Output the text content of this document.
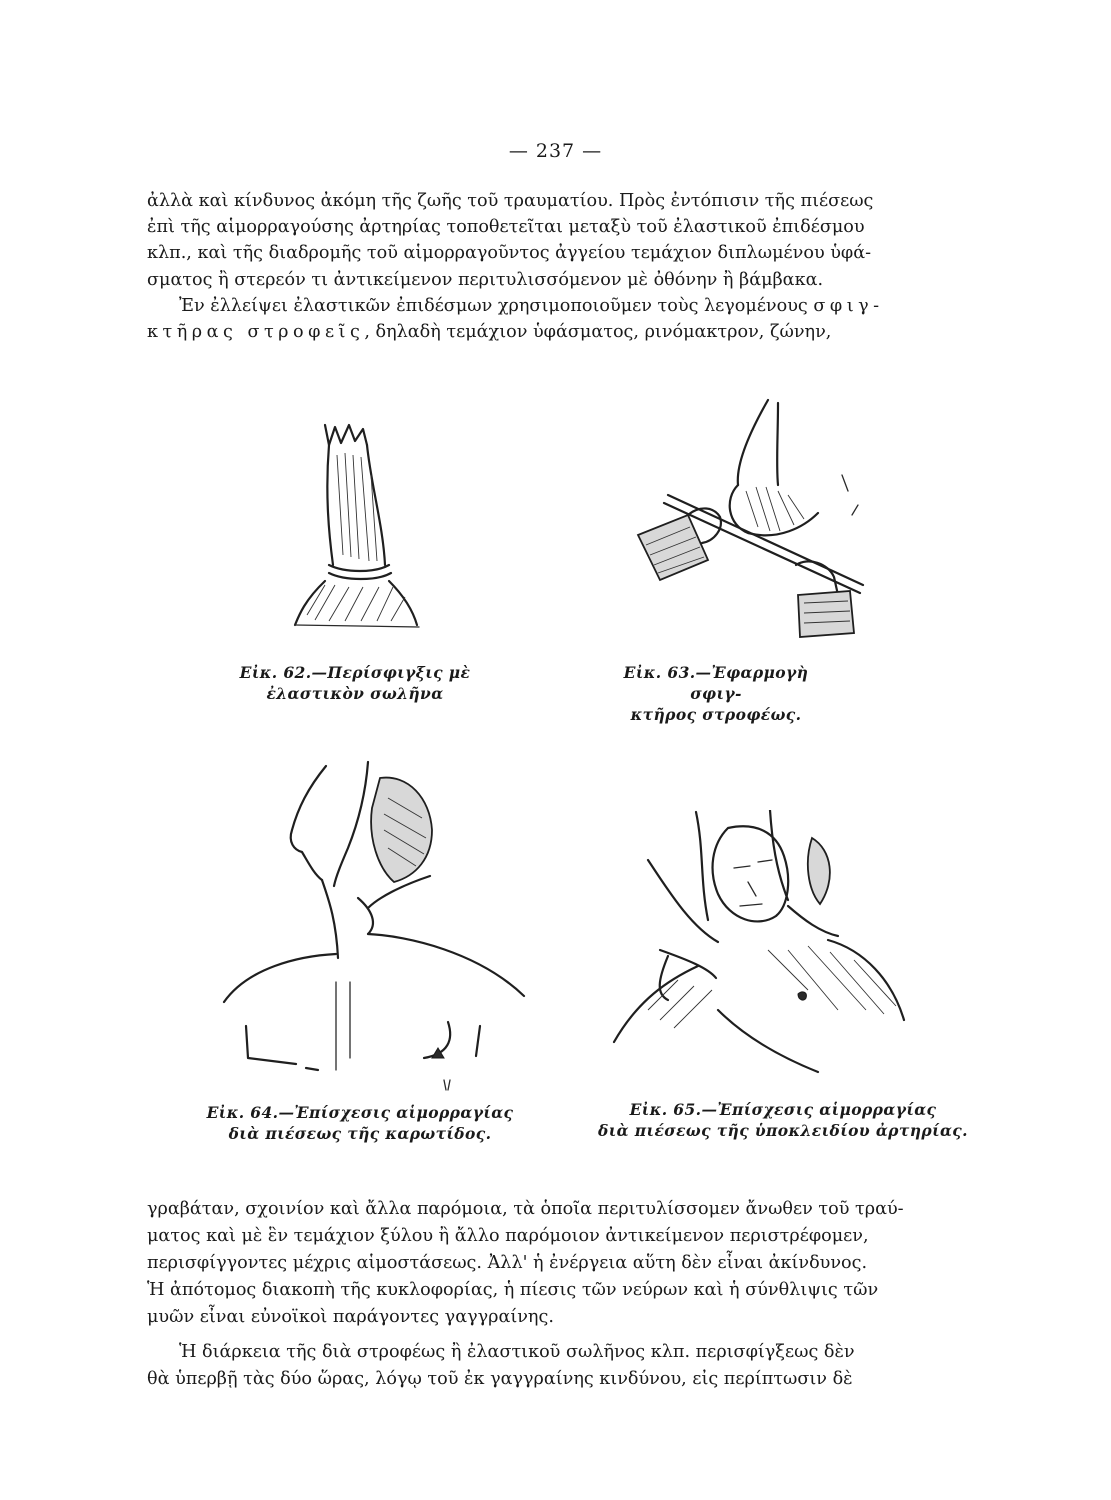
— 237 —
ἀλλὰ καὶ κίνδυνος ἀκόμη τῆς ζωῆς τοῦ τραυματίου. Πρὸς ἐντόπισιν τῆς πιέσεως
ἐπὶ τῆς αἱμορραγούσης ἀρτηρίας τοποθετεῖται μεταξὺ τοῦ ἐλαστικοῦ ἐπιδέσμου
κλπ., καὶ τῆς διαδρομῆς τοῦ αἱμορραγοῦντος ἀγγείου τεμάχιον διπλωμένου ὑφά-
σματος ἢ στερεόν τι ἀντικείμενον περιτυλισσόμενον μὲ ὀθόνην ἢ βάμβακα.
Ἐν ἐλλείψει ἐλαστικῶν ἐπιδέσμων χρησιμοποιοῦμεν τοὺς λεγομένους σφιγ-
κτῆρας στροφεῖς, δηλαδὴ τεμάχιον ὑφάσματος, ρινόμακτρον, ζώνην,
Εἰκ. 62.—Περίσφιγξις μὲ
ἐλαστικὸν σωλῆνα
Εἰκ. 63.—Ἐφαρμογὴ σφιγ-
κτῆρος στροφέως.
Εἰκ. 64.—Ἐπίσχεσις αἱμορραγίας
διὰ πιέσεως τῆς καρωτίδος.
Εἰκ. 65.—Ἐπίσχεσις αἱμορραγίας
διὰ πιέσεως τῆς ὑποκλειδίου ἀρτηρίας.
γραβάταν, σχοινίον καὶ ἄλλα παρόμοια, τὰ ὁποῖα περιτυλίσσομεν ἄνωθεν τοῦ τραύ-
ματος καὶ μὲ ἓν τεμάχιον ξύλου ἢ ἄλλο παρόμοιον ἀντικείμενον περιστρέφομεν,
περισφίγγοντες μέχρις αἱμοστάσεως. Ἀλλ' ἡ ἐνέργεια αὕτη δὲν εἶναι ἀκίνδυνος.
Ἡ ἀπότομος διακοπὴ τῆς κυκλοφορίας, ἡ πίεσις τῶν νεύρων καὶ ἡ σύνθλιψις τῶν
μυῶν εἶναι εὐνοϊκοὶ παράγοντες γαγγραίνης.
Ἡ διάρκεια τῆς διὰ στροφέως ἢ ἐλαστικοῦ σωλῆνος κλπ. περισφίγξεως δὲν
θὰ ὑπερβῇ τὰς δύο ὥρας, λόγῳ τοῦ ἐκ γαγγραίνης κινδύνου, εἰς περίπτωσιν δὲ
